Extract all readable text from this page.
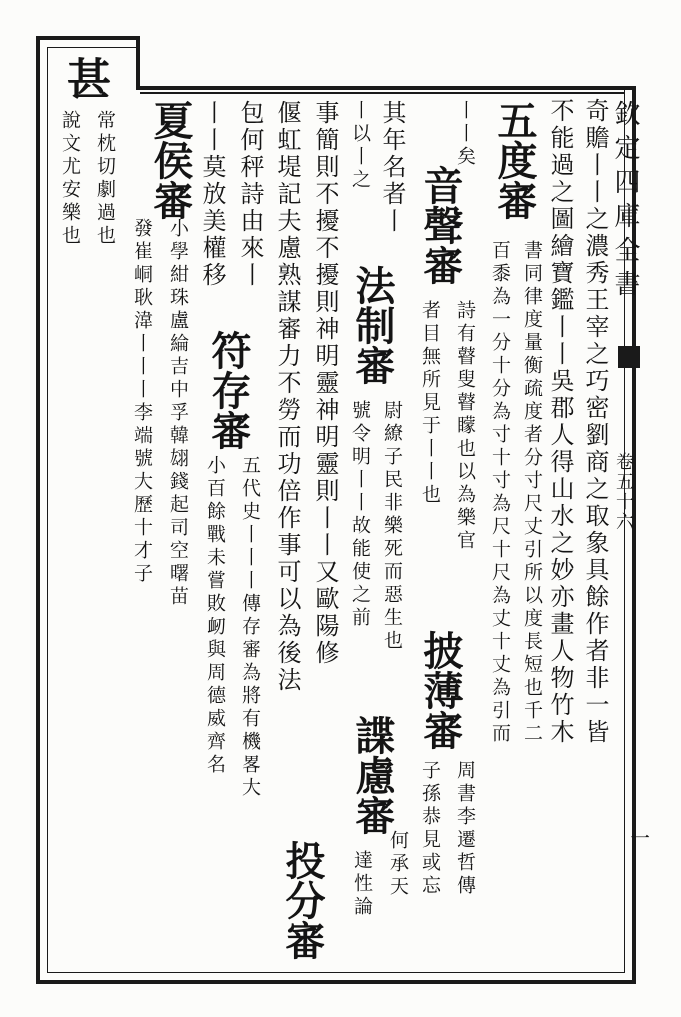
欽定四庫全書
卷五十六
一
甚
奇贍丨丨之濃秀王宰之巧密劉商之取象具餘作者非一皆
不能過之圖繪寶鑑丨丨吳郡人得山水之妙亦畫人物竹木
五度審
書同律度量衡疏度者分寸尺丈引所以度長短也千二
百黍為一分十分為寸十寸為尺十尺為丈十丈為引而
丨丨矣
音聲審
詩有瞽叟瞽矇也以為樂官
者目無所見于丨丨也
披薄審
周書李遷哲傳
其年名者丨
法制審
尉繚子民非樂死而惡生也
號令明丨丨故能使之前
諜慮審 子孫恭見或忘
丨以丨之
何承天
達性論
事簡則不擾不擾則神明靈神明靈則丨丨又歐陽修
投分審
偃虹堤記夫慮熟謀審力不勞而功倍作事可以為後法
包何秤詩由來丨
符存審
五代史丨丨丨傳存審為將有機畧大
丨丨莫放美權移
小百餘戰未嘗敗衂與周德威齊名
夏侯審
小學紺珠盧綸吉中孚韓翃錢起司空曙苗
發崔峒耿湋丨丨丨李端號大歷十才子
常枕切劇過也
說文尤安樂也
